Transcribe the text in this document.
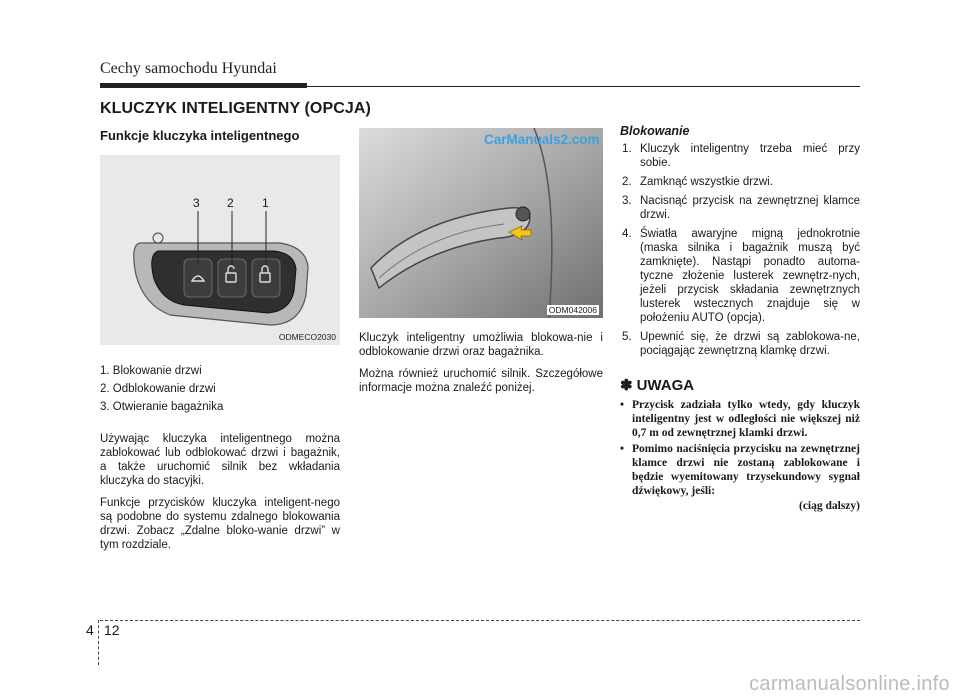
Cechy samochodu Hyundai
KLUCZYK INTELIGENTNY (OPCJA)
Funkcje kluczyka inteligentnego
3 2 1
ODMECO2030
1. Blokowanie drzwi
2. Odblokowanie drzwi
3. Otwieranie bagażnika

Używając kluczyka inteligentnego można zablokować lub odblokować drzwi i bagażnik, a także uruchomić silnik bez wkładania kluczyka do stacyjki.

Funkcje przycisków kluczyka inteligent-nego są podobne do systemu zdalnego blokowania drzwi. Zobacz „Zdalne bloko-wanie drzwi” w tym rozdziale.

CarManuals2.com
ODM042006

Kluczyk inteligentny umożliwia blokowa-nie i odblokowanie drzwi oraz bagażnika.

Można również uruchomić silnik. Szczegółowe informacje można znaleźć poniżej.

Blokowanie
1. Kluczyk inteligentny trzeba mieć przy sobie.
2. Zamknąć wszystkie drzwi.
3. Nacisnąć przycisk na zewnętrznej klamce drzwi.
4. Światła awaryjne migną jednokrotnie (maska silnika i bagażnik muszą być zamknięte). Nastąpi ponadto automa-tyczne złożenie lusterek zewnętrz-nych, jeżeli przycisk składania zewnętrznych lusterek wstecznych znajduje się w położeniu AUTO (opcja).
5. Upewnić się, że drzwi są zablokowa-ne, pociągając zewnętrzną klamkę drzwi.
✽ UWAGA
• Przycisk zadziała tylko wtedy, gdy kluczyk inteligentny jest w odległości nie większej niż 0,7 m od zewnętrznej klamki drzwi.
• Pomimo naciśnięcia przycisku na zewnętrznej klamce drzwi nie zostaną zablokowane i będzie wyemitowany trzysekundowy sygnał dźwiękowy, jeśli:
(ciąg dalszy)
4 12
carmanualsonline.info
